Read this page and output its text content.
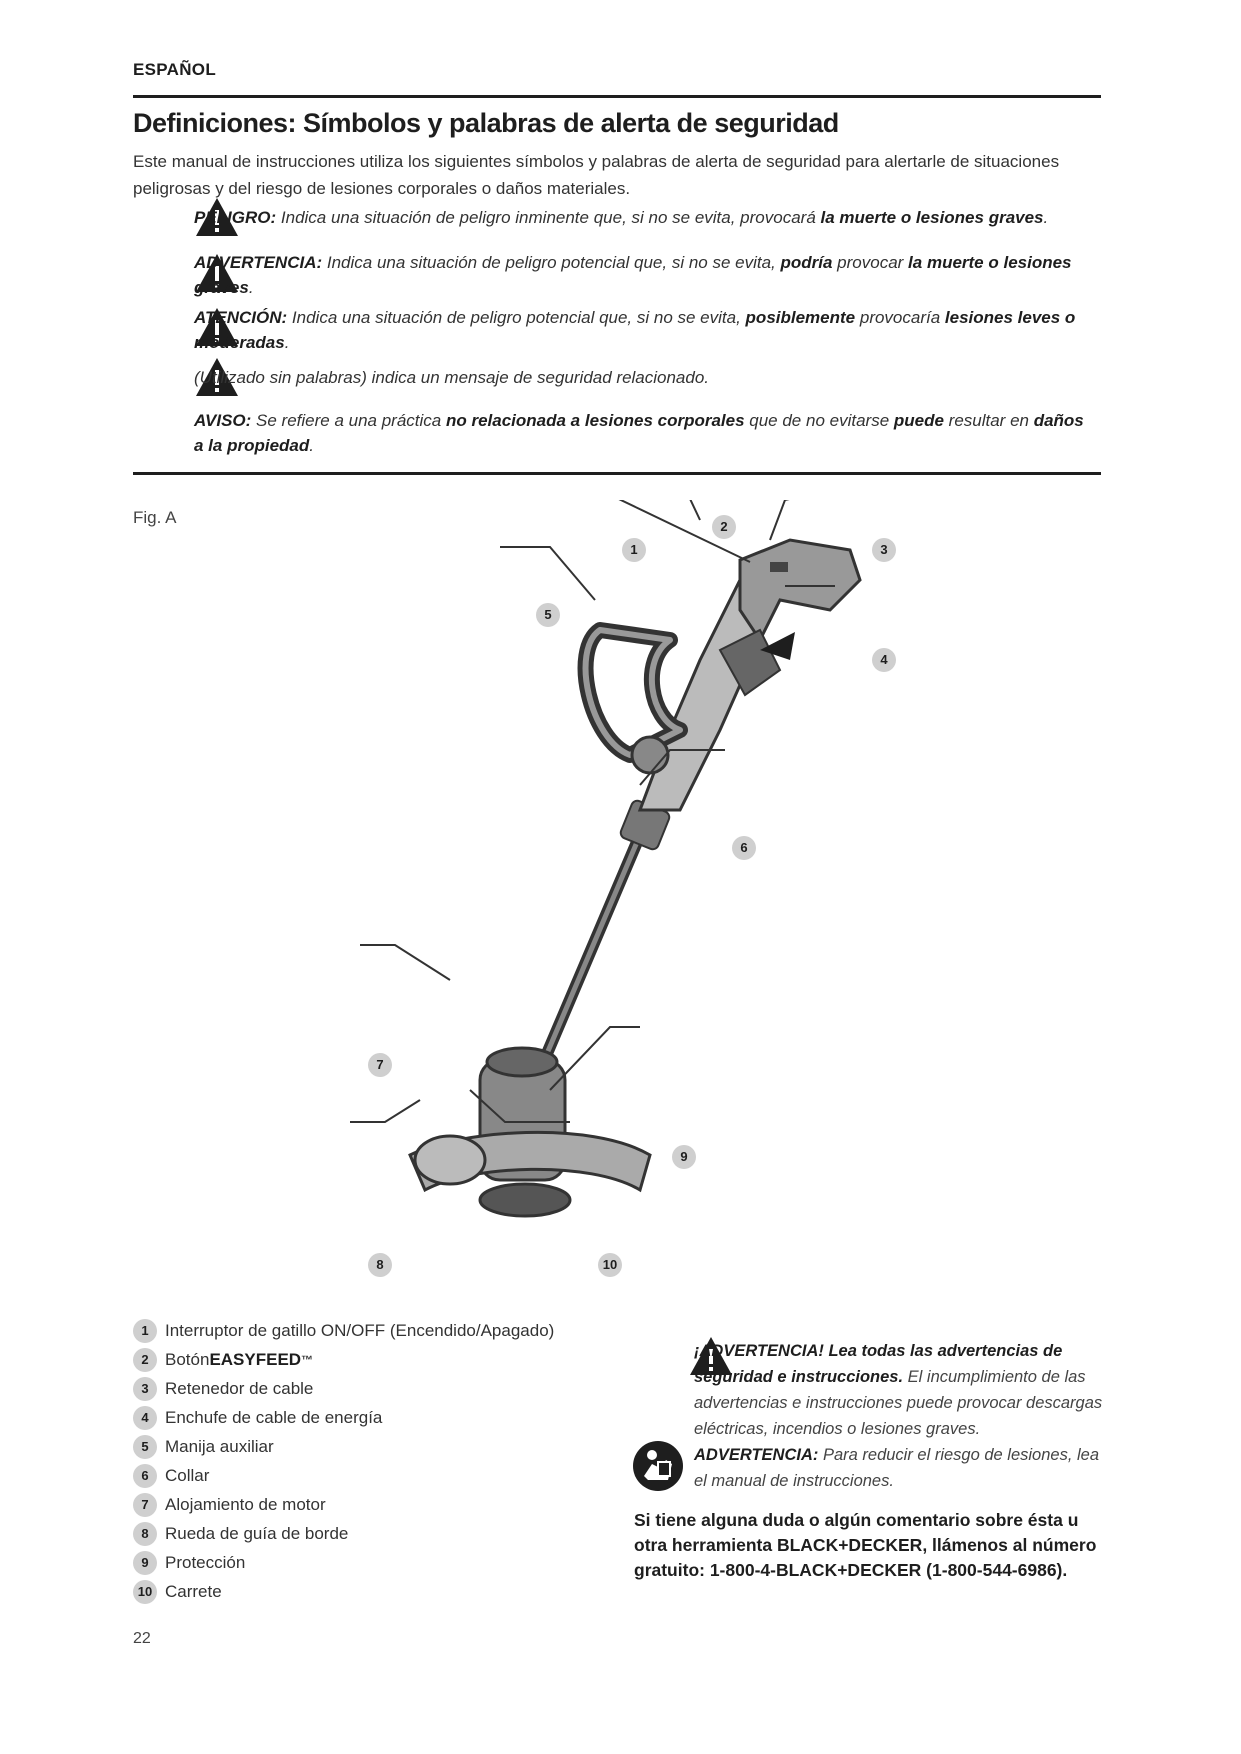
ESPAÑOL
Definiciones: Símbolos y palabras de alerta de seguridad
Este manual de instrucciones utiliza los siguientes símbolos y palabras de alerta de seguridad para alertarle de situaciones peligrosas y del riesgo de lesiones corporales o daños materiales.
PELIGRO: Indica una situación de peligro inminente que, si no se evita, provocará la muerte o lesiones graves.
ADVERTENCIA: Indica una situación de peligro potencial que, si no se evita, podría provocar la muerte o lesiones graves.
ATENCIÓN: Indica una situación de peligro potencial que, si no se evita, posiblemente provocaría lesiones leves o moderadas.
(Utilizado sin palabras) indica un mensaje de seguridad relacionado.
AVISO: Se refiere a una práctica no relacionada a lesiones corporales que de no evitarse puede resultar en daños a la propiedad.
Fig. A
1
2
3
4
5
6
7
9
8	10
1 Interruptor de gatillo ON/OFF (Encendido/Apagado)
2 Botón EASYFEED ™
3 Retenedor de cable
4 Enchufe de cable de energía
5 Manija auxiliar
6 Collar
7 Alojamiento de motor
8 Rueda de guía de borde
9 Protección
10 Carrete
¡ADVERTENCIA! Lea todas las advertencias de seguridad e instrucciones. El incumplimiento de las advertencias e instrucciones puede provocar descargas eléctricas, incendios o lesiones graves.
ADVERTENCIA: Para reducir el riesgo de lesiones, lea el manual de instrucciones.
Si tiene alguna duda o algún comentario sobre ésta u otra herramienta BLACK+DECKER, llámenos al número gratuito: 1-800-4-BLACK+DECKER (1-800-544-6986).
22
